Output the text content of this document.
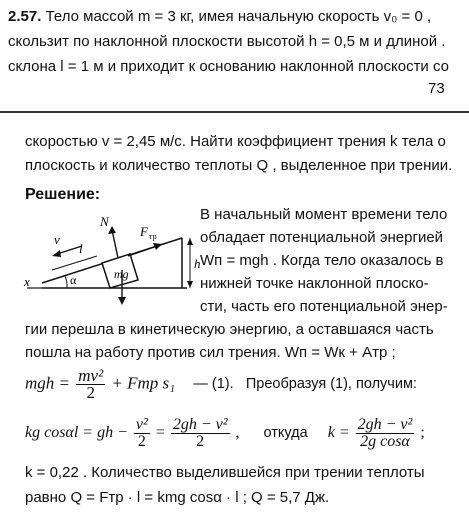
2.57. Тело массой m = 3 кг, имея начальную скорость v₀ = 0 ,
скользит по наклонной плоскости высотой h = 0,5 м и длиной .
склона l = 1 м и приходит к основанию наклонной плоскости со
73
скоростью v = 2,45 м/с. Найти коэффициент трения k тела о
плоскость и количество теплоты Q , выделенное при трении.
Решение:
N
F тр
v
l
mg
h
x	α
В начальный момент времени тело
обладает потенциальной энергией
Wп = mgh . Когда тело оказалось в
нижней точке наклонной плоско-
сти, часть его потенциальной энер-
гии перешла в кинетическую энергию, а оставшаяся часть
пошла на работу против сил трения. Wп = Wк + Aтр ;
mgh = $\frac{\text{mv²}}{2}$ + Fтр s₁ — (1). Преобразуя (1), получим:
kg cosαl = gh − $\frac{\text{v²}}{2} = \frac{\text{2gh − v²}}{2}$ , откуда $k = \frac{\text{2gh − v²}}{\text{2g cosα}}$ ;
k = 0,22 . Количество выделившейся при трении теплоты
равно Q = Fтр · l = kmg cosα · l ; Q = 5,7 Дж.
